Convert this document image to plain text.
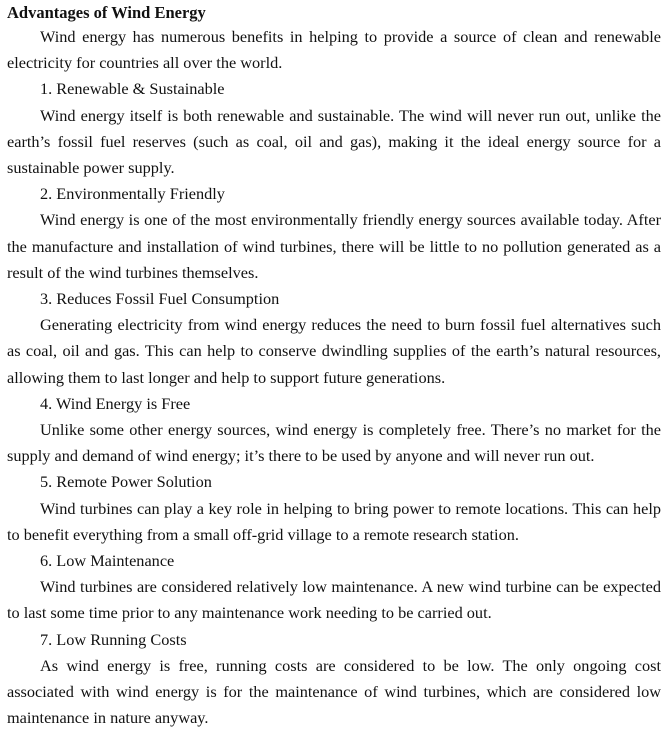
Advantages of Wind Energy

Wind energy has numerous benefits in helping to provide a source of clean and renewable electricity for countries all over the world.

1. Renewable & Sustainable

Wind energy itself is both renewable and sustainable. The wind will never run out, unlike the earth’s fossil fuel reserves (such as coal, oil and gas), making it the ideal energy source for a sustainable power supply.

2. Environmentally Friendly

Wind energy is one of the most environmentally friendly energy sources available today. After the manufacture and installation of wind turbines, there will be little to no pollution generated as a result of the wind turbines themselves.

3. Reduces Fossil Fuel Consumption

Generating electricity from wind energy reduces the need to burn fossil fuel alternatives such as coal, oil and gas. This can help to conserve dwindling supplies of the earth’s natural resources, allowing them to last longer and help to support future generations.

4. Wind Energy is Free

Unlike some other energy sources, wind energy is completely free. There’s no market for the supply and demand of wind energy; it’s there to be used by anyone and will never run out.

5. Remote Power Solution

Wind turbines can play a key role in helping to bring power to remote locations. This can help to benefit everything from a small off-grid village to a remote research station.

6. Low Maintenance

Wind turbines are considered relatively low maintenance. A new wind turbine can be expected to last some time prior to any maintenance work needing to be carried out.

7. Low Running Costs

As wind energy is free, running costs are considered to be low. The only ongoing cost associated with wind energy is for the maintenance of wind turbines, which are considered low maintenance in nature anyway.
